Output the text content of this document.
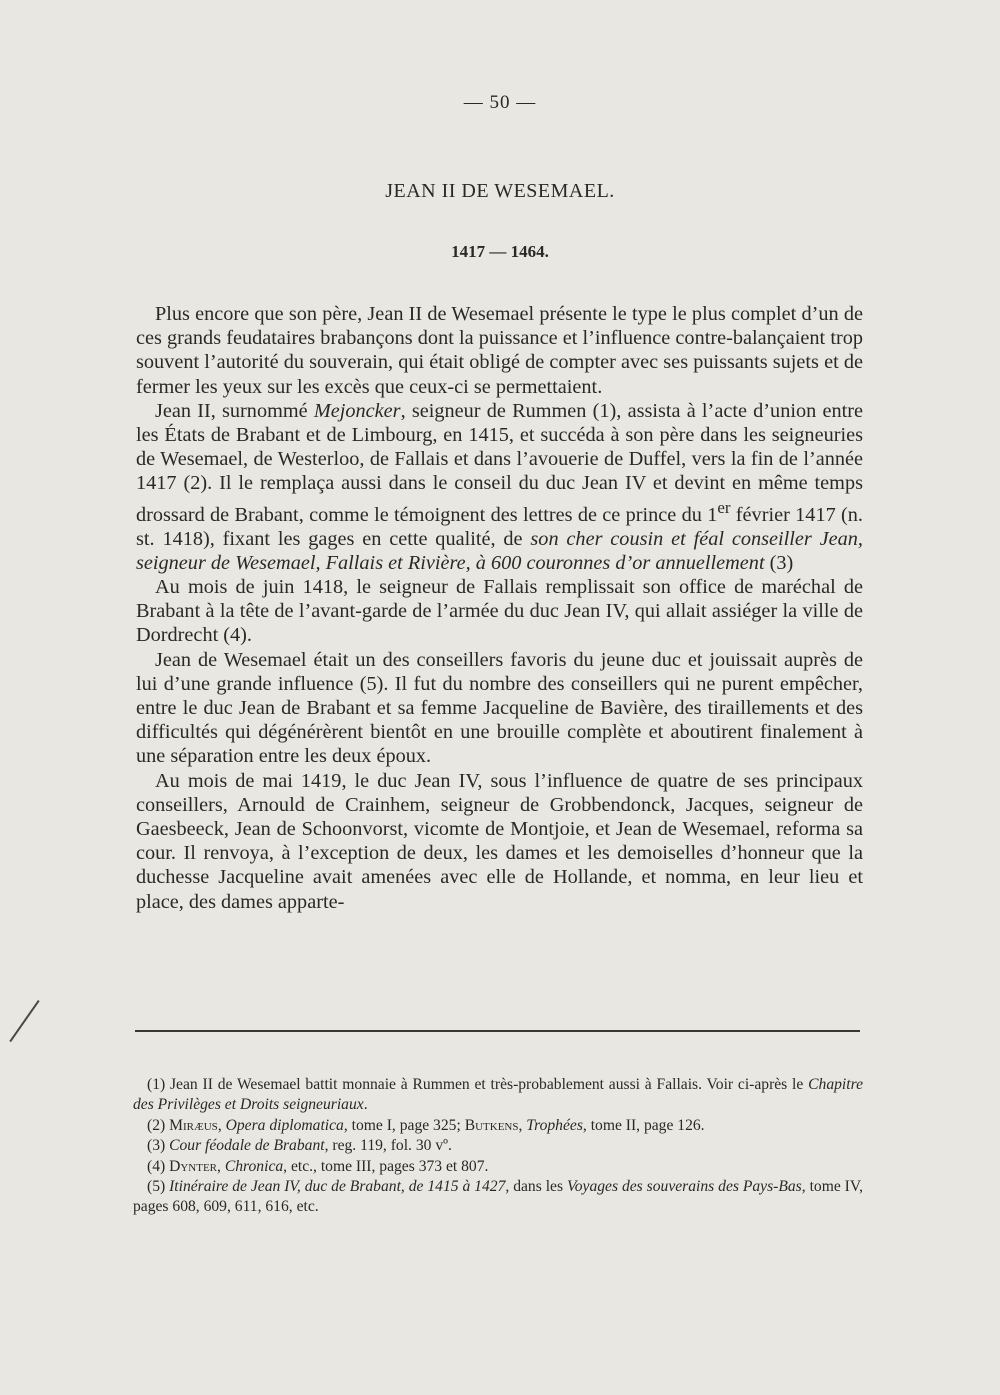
— 50 —
JEAN II DE WESEMAEL.
1417 — 1464.

Plus encore que son père, Jean II de Wesemael présente le type le plus complet d’un de ces grands feudataires brabançons dont la puissance et l’influence contre-balançaient trop souvent l’autorité du souverain, qui était obligé de compter avec ses puissants sujets et de fermer les yeux sur les excès que ceux-ci se permettaient.

Jean II, surnommé Mejoncker, seigneur de Rummen (1), assista à l’acte d’union entre les États de Brabant et de Limbourg, en 1415, et succéda à son père dans les seigneuries de Wesemael, de Westerloo, de Fallais et dans l’avouerie de Duffel, vers la fin de l’année 1417 (2). Il le remplaça aussi dans le conseil du duc Jean IV et devint en même temps drossard de Brabant, comme le témoignent des lettres de ce prince du 1er février 1417 (n. st. 1418), fixant les gages en cette qualité, de son cher cousin et féal conseiller Jean, seigneur de Wesemael, Fallais et Rivière, à 600 couronnes d’or annuellement (3)

Au mois de juin 1418, le seigneur de Fallais remplissait son office de maréchal de Brabant à la tête de l’avant-garde de l’armée du duc Jean IV, qui allait assiéger la ville de Dordrecht (4).

Jean de Wesemael était un des conseillers favoris du jeune duc et jouissait auprès de lui d’une grande influence (5). Il fut du nombre des conseillers qui ne purent empêcher, entre le duc Jean de Brabant et sa femme Jacqueline de Bavière, des tiraillements et des difficultés qui dégénérèrent bientôt en une brouille complète et aboutirent finalement à une séparation entre les deux époux.

Au mois de mai 1419, le duc Jean IV, sous l’influence de quatre de ses principaux conseillers, Arnould de Crainhem, seigneur de Grobbendonck, Jacques, seigneur de Gaesbeeck, Jean de Schoonvorst, vicomte de Montjoie, et Jean de Wesemael, reforma sa cour. Il renvoya, à l’exception de deux, les dames et les demoiselles d’honneur que la duchesse Jacqueline avait amenées avec elle de Hollande, et nomma, en leur lieu et place, des dames apparte-

(1) Jean II de Wesemael battit monnaie à Rummen et très-probablement aussi à Fallais. Voir ci-après le Chapitre des Privilèges et Droits seigneuriaux.

(2) Miræus, Opera diplomatica, tome I, page 325; Butkens, Trophées, tome II, page 126.

(3) Cour féodale de Brabant, reg. 119, fol. 30 vº.

(4) Dynter, Chronica, etc., tome III, pages 373 et 807.

(5) Itinéraire de Jean IV, duc de Brabant, de 1415 à 1427, dans les Voyages des souverains des Pays-Bas, tome IV, pages 608, 609, 611, 616, etc.
